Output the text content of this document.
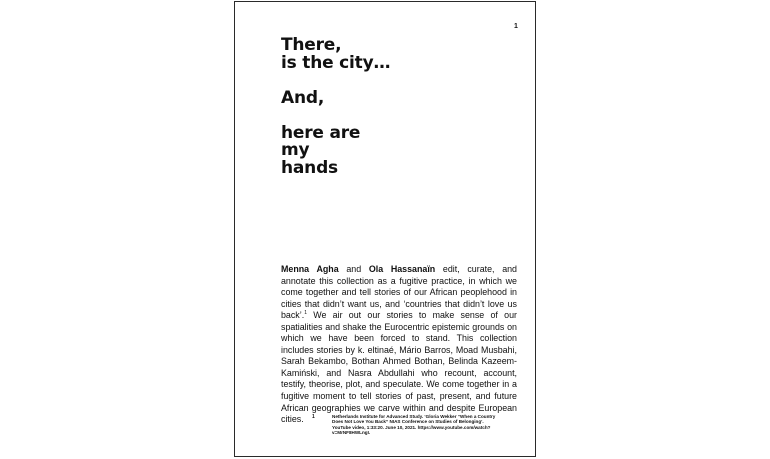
1
There,
is the city…
And,
here are
my
hands

Menna Agha and Ola Hassanaïn edit, curate, and annotate this collection as a fugitive practice, in which we come together and tell stories of our African peoplehood in cities that didn’t want us, and ‘countries that didn’t love us back’.$^1$ We air out our stories to make sense of our spatialities and shake the Eurocentric epistemic grounds on which we have been forced to stand. This collection includes stories by k. eltinaé, Mário Barros, Moad Musbahi, Sarah Bekambo, Bothan Ahmed Bothan, Belinda Kazeem-Kamiński, and Nasra Abdullahi who recount, account, testify, theorise, plot, and speculate. We come together in a fugitive moment to tell stories of past, present, and future African geographies we carve within and despite European cities.	1	Netherlands Institute for Advanced Study. ‘Gloria Wekker “When a Country Does Not Love You Back” NIAS Conference on Studies of Belonging’. YouTube video, 1:33:20. June 10, 2021. https://www.youtube.com/watch?v=MrNF8HWLngI.
